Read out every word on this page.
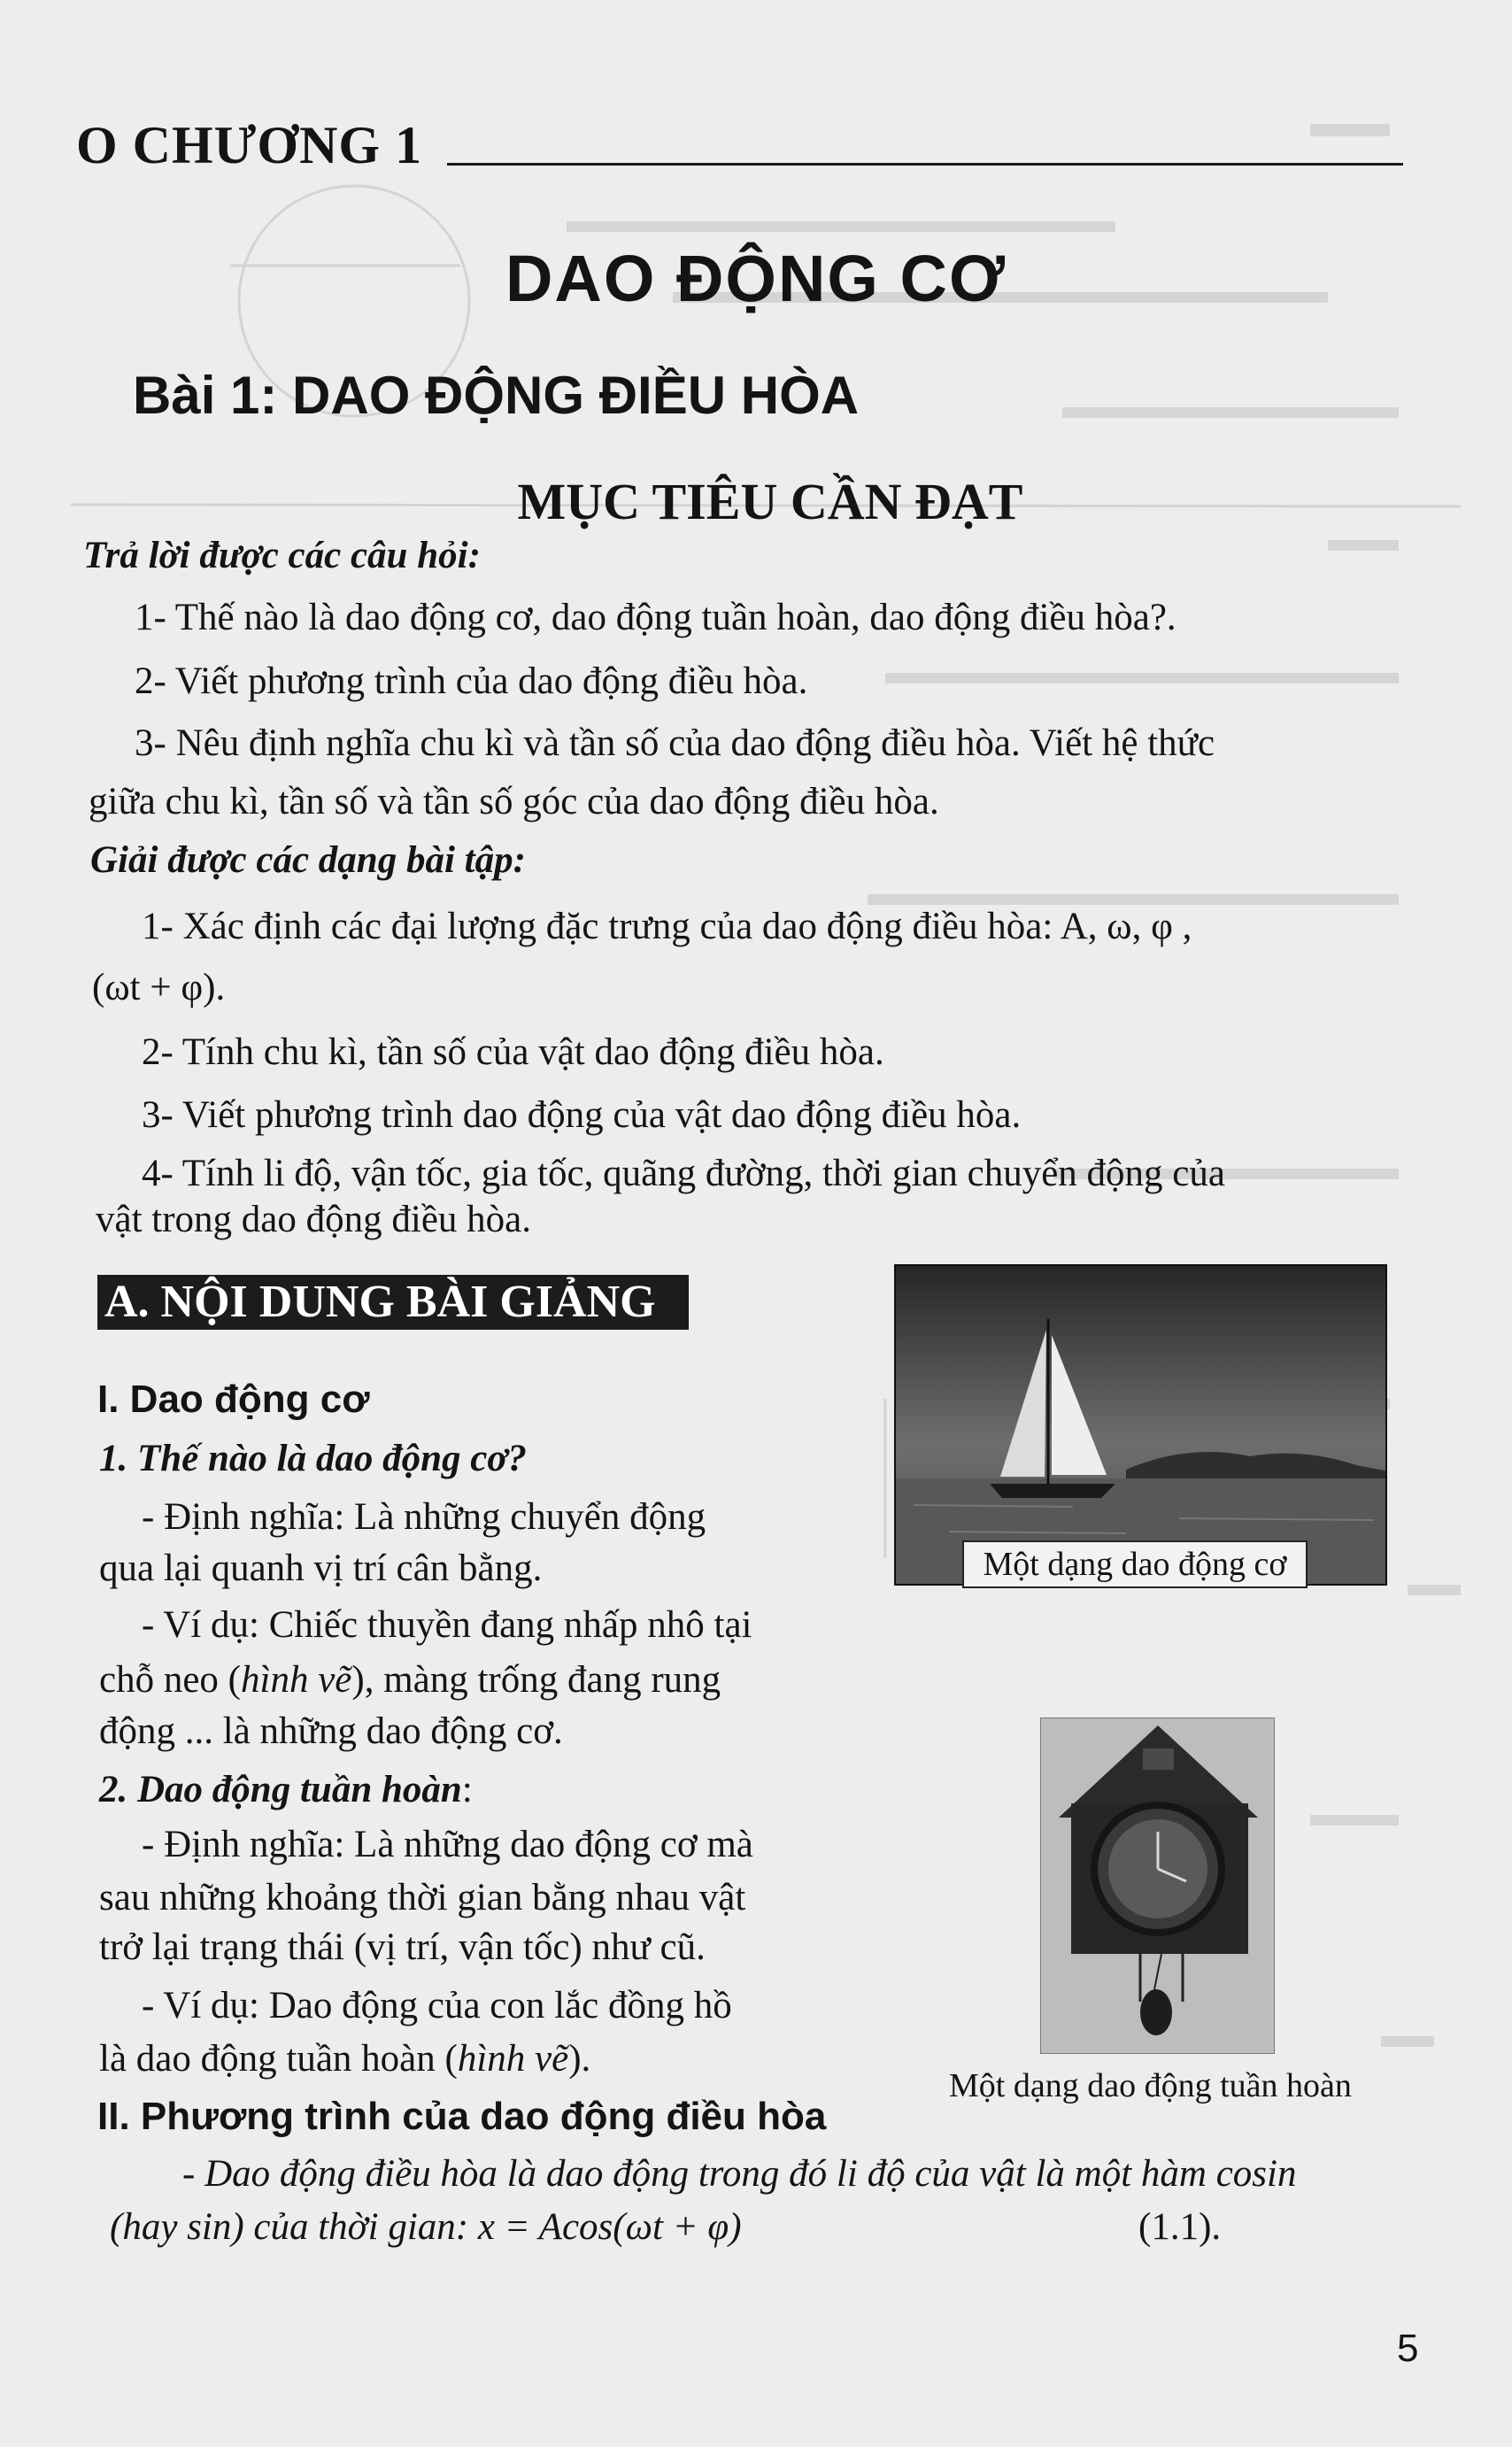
O CHƯƠNG 1
DAO ĐỘNG CƠ
Bài 1: DAO ĐỘNG ĐIỀU HÒA
MỤC TIÊU CẦN ĐẠT
Trả lời được các câu hỏi:
1- Thế nào là dao động cơ, dao động tuần hoàn, dao động điều hòa?.
2- Viết phương trình của dao động điều hòa.
3- Nêu định nghĩa chu kì và tần số của dao động điều hòa. Viết hệ thức
giữa chu kì, tần số và tần số góc của dao động điều hòa.
Giải được các dạng bài tập:
1- Xác định các đại lượng đặc trưng của dao động điều hòa: A, ω, φ ,
(ωt + φ).
2- Tính chu kì, tần số của vật dao động điều hòa.
3- Viết phương trình dao động của vật dao động điều hòa.
4- Tính li độ, vận tốc, gia tốc, quãng đường, thời gian chuyển động của
vật trong dao động điều hòa.
A. NỘI DUNG BÀI GIẢNG
I. Dao động cơ
1. Thế nào là dao động cơ?
- Định nghĩa: Là những chuyển động
qua lại quanh vị trí cân bằng.
- Ví dụ: Chiếc thuyền đang nhấp nhô tại
chỗ neo (hình vẽ), màng trống đang rung
động ... là những dao động cơ.
2. Dao động tuần hoàn:
- Định nghĩa: Là những dao động cơ mà
sau những khoảng thời gian bằng nhau vật
trở lại trạng thái (vị trí, vận tốc) như cũ.
- Ví dụ: Dao động của con lắc đồng hồ
là dao động tuần hoàn (hình vẽ).
II. Phương trình của dao động điều hòa
- Dao động điều hòa là dao động trong đó li độ của vật là một hàm cosin
(hay sin) của thời gian: x = Acos(ωt + φ)	(1.1).
Một dạng dao động cơ
Một dạng dao động tuần hoàn
5
